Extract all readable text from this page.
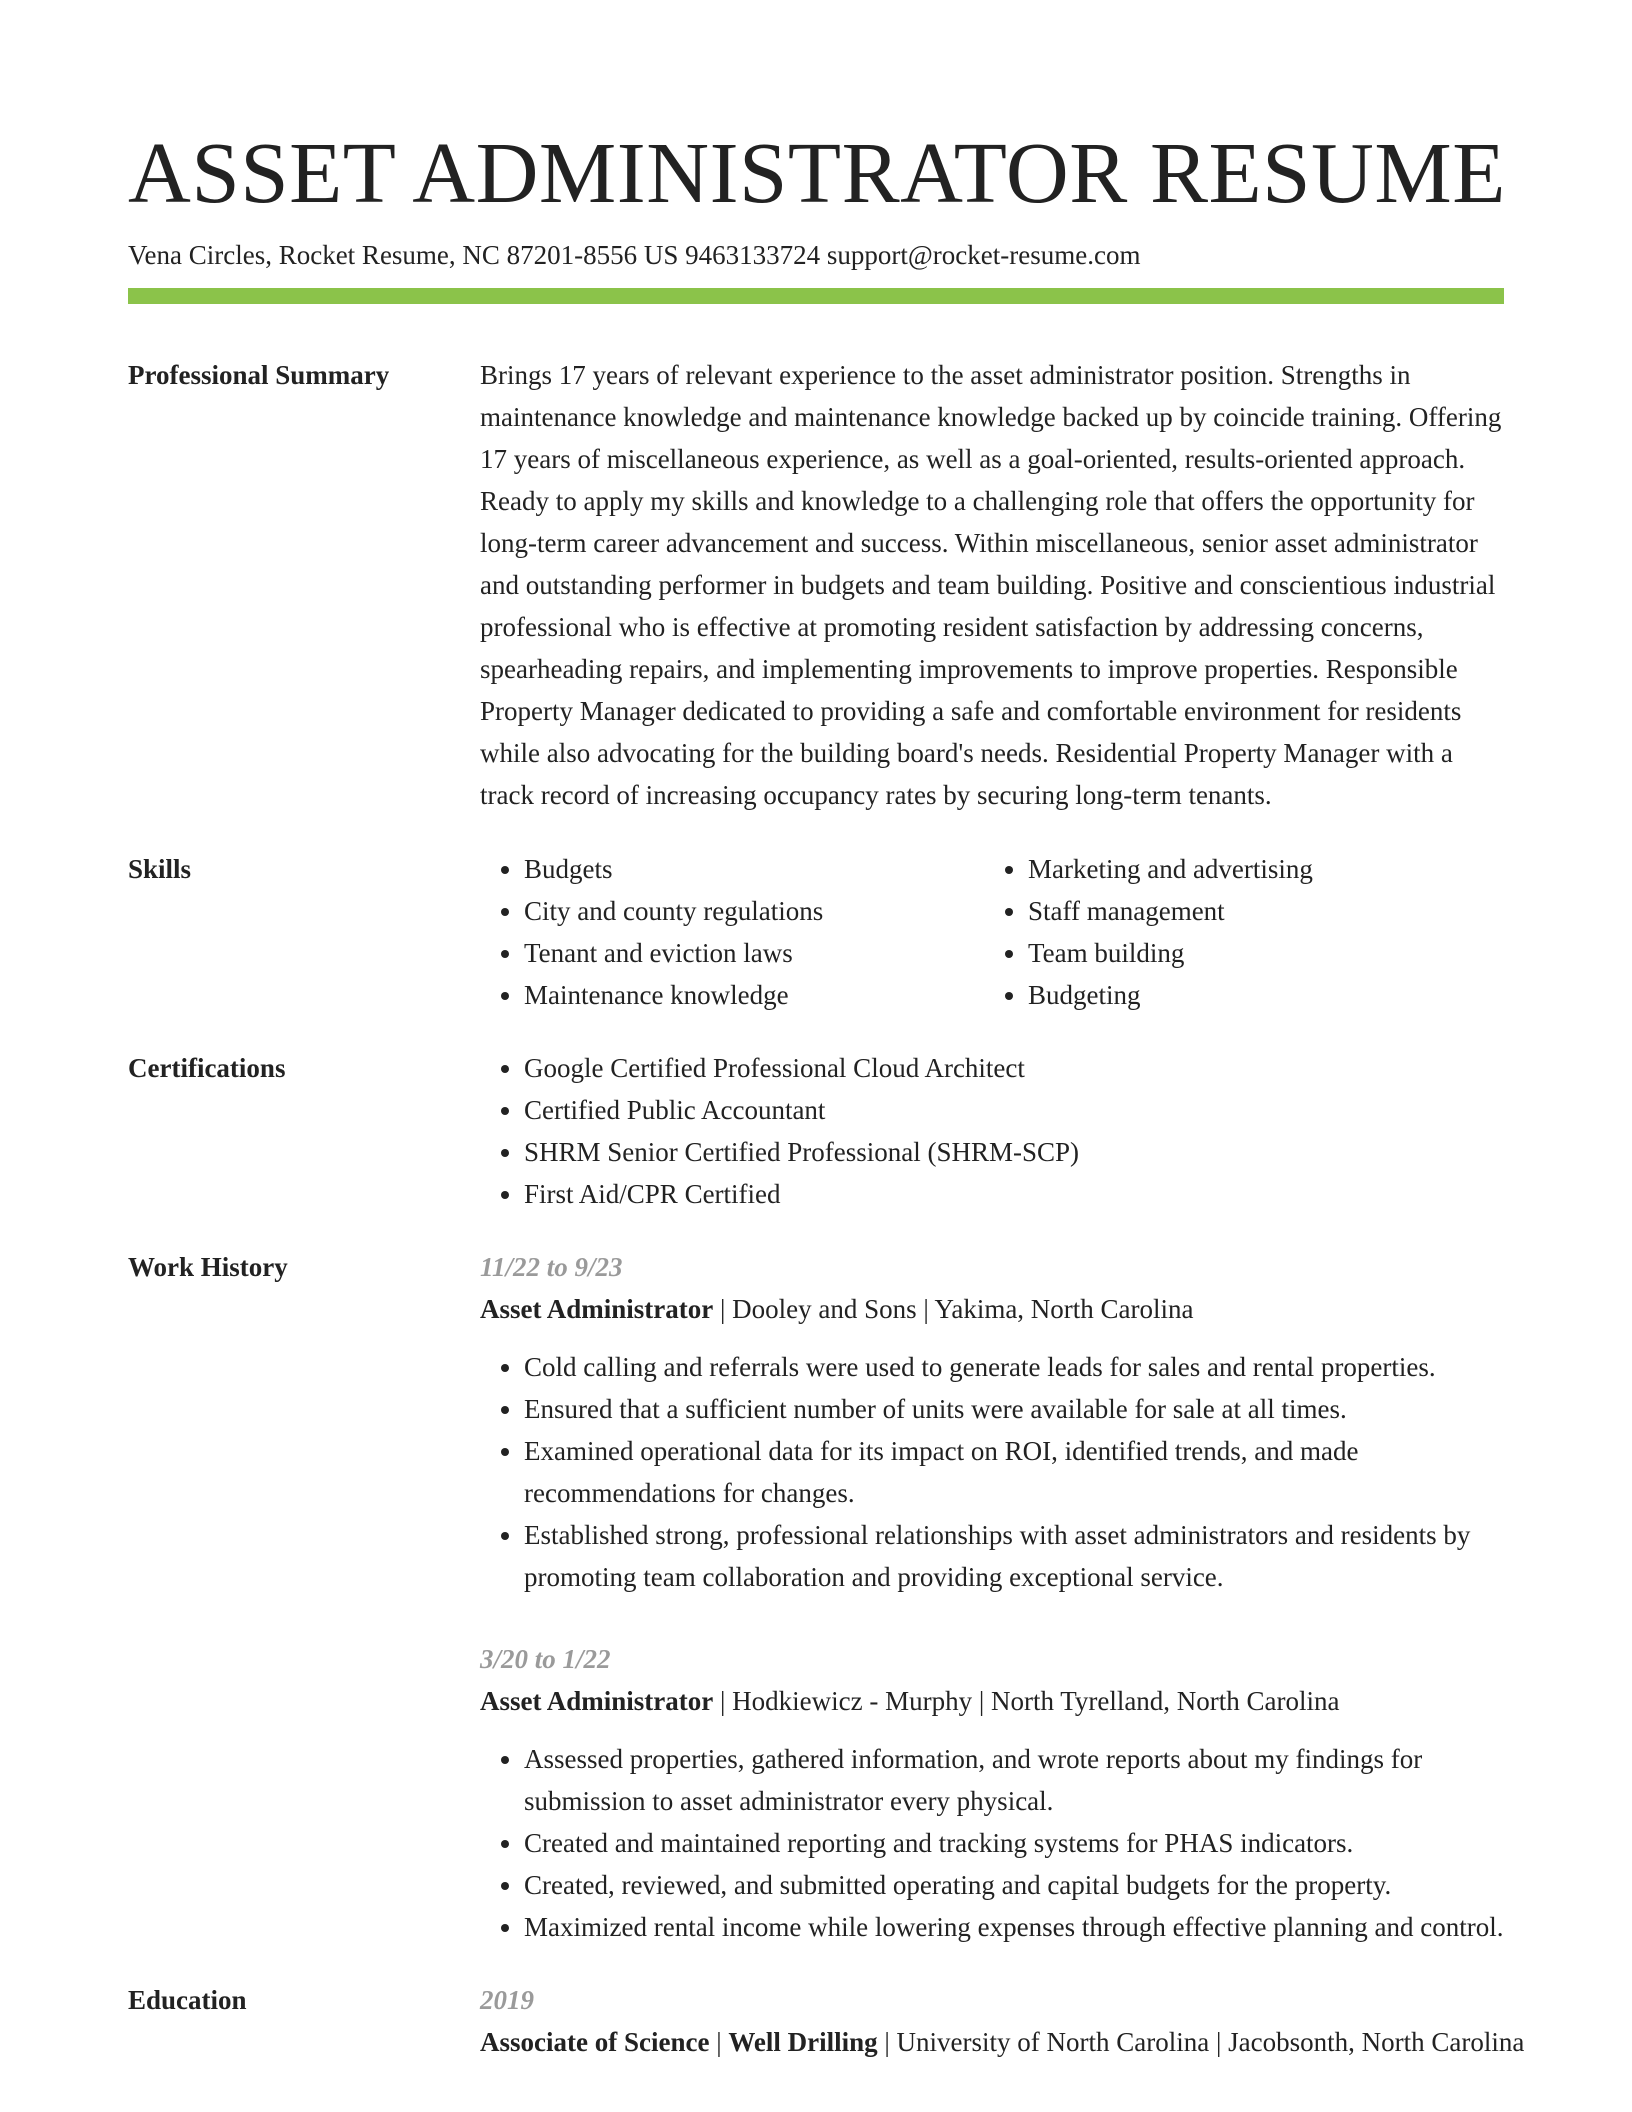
ASSET ADMINISTRATOR RESUME
Vena Circles, Rocket Resume, NC 87201-8556 US 9463133724 support@rocket-resume.com
Professional Summary	Brings 17 years of relevant experience to the asset administrator position. Strengths in maintenance knowledge and maintenance knowledge backed up by coincide training. Offering 17 years of miscellaneous experience, as well as a goal-oriented, results-oriented approach. Ready to apply my skills and knowledge to a challenging role that offers the opportunity for long-term career advancement and success. Within miscellaneous, senior asset administrator and outstanding performer in budgets and team building. Positive and conscientious industrial professional who is effective at promoting resident satisfaction by addressing concerns, spearheading repairs, and implementing improvements to improve properties. Responsible Property Manager dedicated to providing a safe and comfortable environment for residents while also advocating for the building board's needs. Residential Property Manager with a track record of increasing occupancy rates by securing long-term tenants.

Skills	• Budgets
• City and county regulations
• Tenant and eviction laws
• Maintenance knowledge
• Marketing and advertising
• Staff management
• Team building
• Budgeting
Certifications	• Google Certified Professional Cloud Architect
• Certified Public Accountant
• SHRM Senior Certified Professional (SHRM-SCP)
• First Aid/CPR Certified
Work History	11/22 to 9/23
Asset Administrator | Dooley and Sons | Yakima, North Carolina
• Cold calling and referrals were used to generate leads for sales and rental properties.
• Ensured that a sufficient number of units were available for sale at all times.
• Examined operational data for its impact on ROI, identified trends, and made recommendations for changes.
• Established strong, professional relationships with asset administrators and residents by promoting team collaboration and providing exceptional service.
3/20 to 1/22
Asset Administrator | Hodkiewicz - Murphy | North Tyrelland, North Carolina
• Assessed properties, gathered information, and wrote reports about my findings for submission to asset administrator every physical.
• Created and maintained reporting and tracking systems for PHAS indicators.
• Created, reviewed, and submitted operating and capital budgets for the property.
• Maximized rental income while lowering expenses through effective planning and control.
Education	2019
Associate of Science | Well Drilling | University of North Carolina | Jacobsonth, North Carolina
